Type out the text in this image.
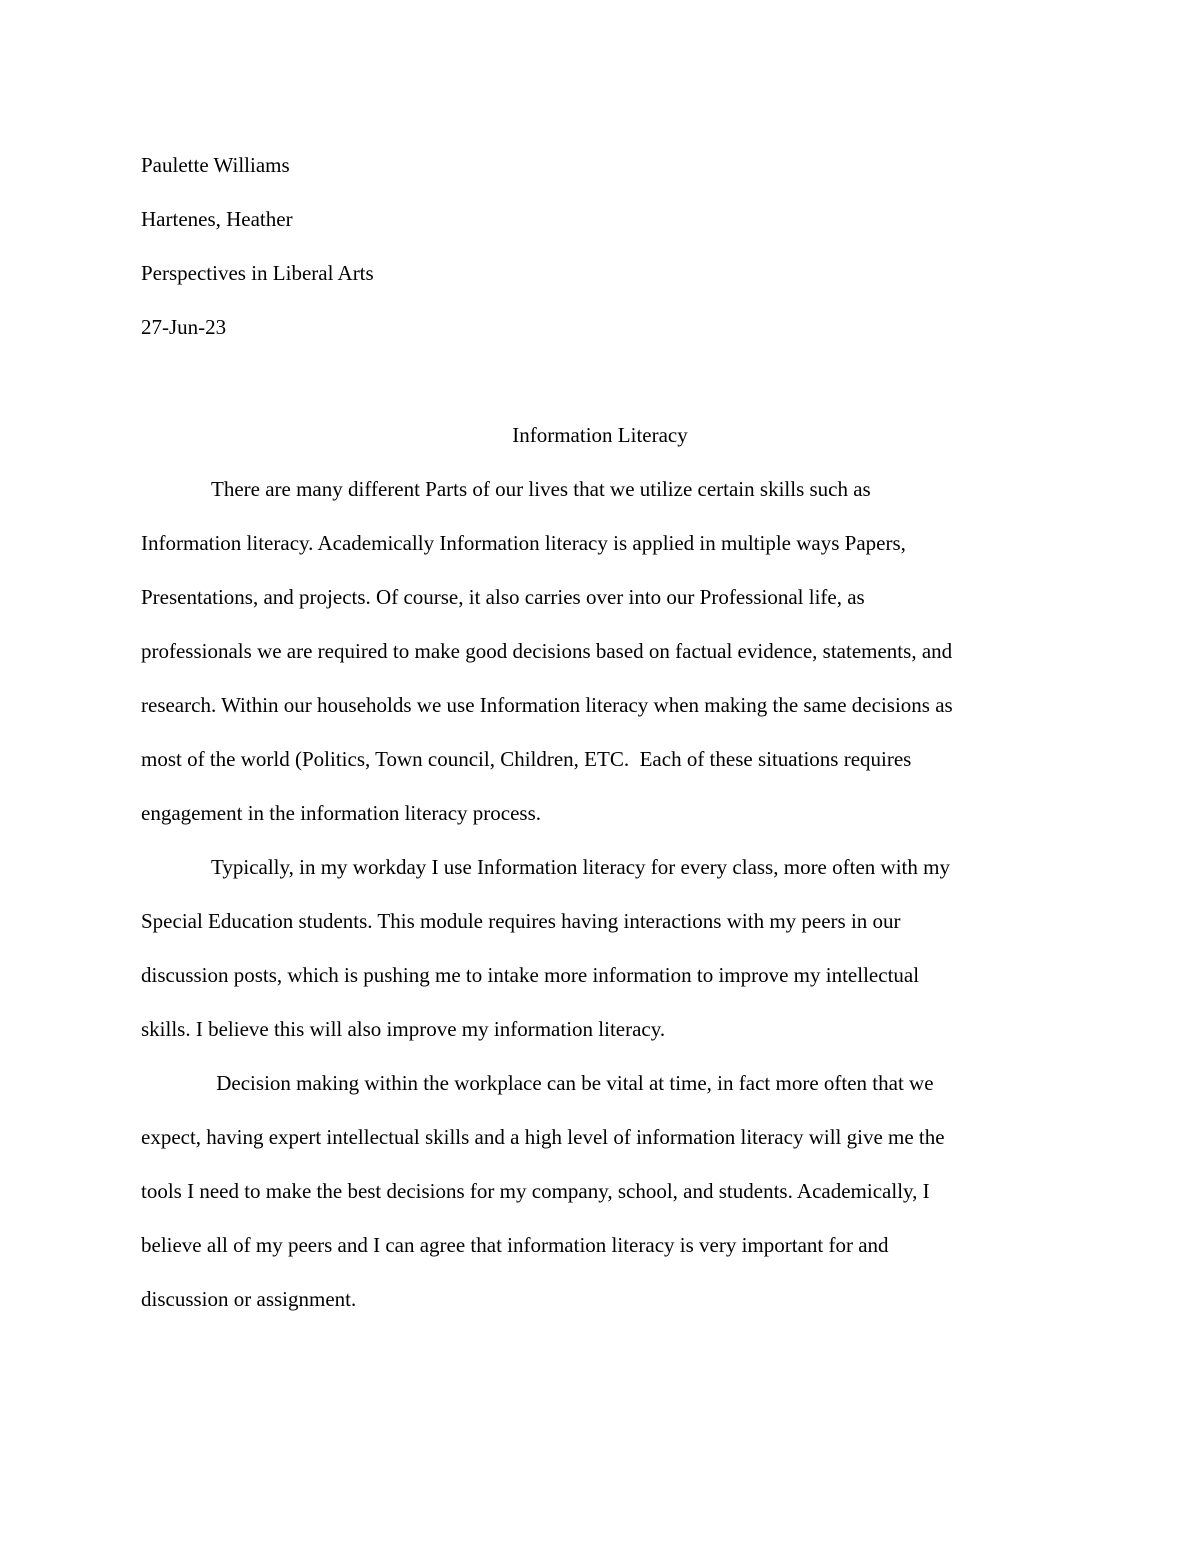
Paulette Williams

Hartenes, Heather

Perspectives in Liberal Arts

27-Jun-23

Information Literacy

There are many different Parts of our lives that we utilize certain skills such as
Information literacy. Academically Information literacy is applied in multiple ways Papers,
Presentations, and projects. Of course, it also carries over into our Professional life, as
professionals we are required to make good decisions based on factual evidence, statements, and
research. Within our households we use Information literacy when making the same decisions as
most of the world (Politics, Town council, Children, ETC.  Each of these situations requires
engagement in the information literacy process.

Typically, in my workday I use Information literacy for every class, more often with my
Special Education students. This module requires having interactions with my peers in our
discussion posts, which is pushing me to intake more information to improve my intellectual
skills. I believe this will also improve my information literacy.

Decision making within the workplace can be vital at time, in fact more often that we
expect, having expert intellectual skills and a high level of information literacy will give me the
tools I need to make the best decisions for my company, school, and students. Academically, I
believe all of my peers and I can agree that information literacy is very important for and
discussion or assignment.
